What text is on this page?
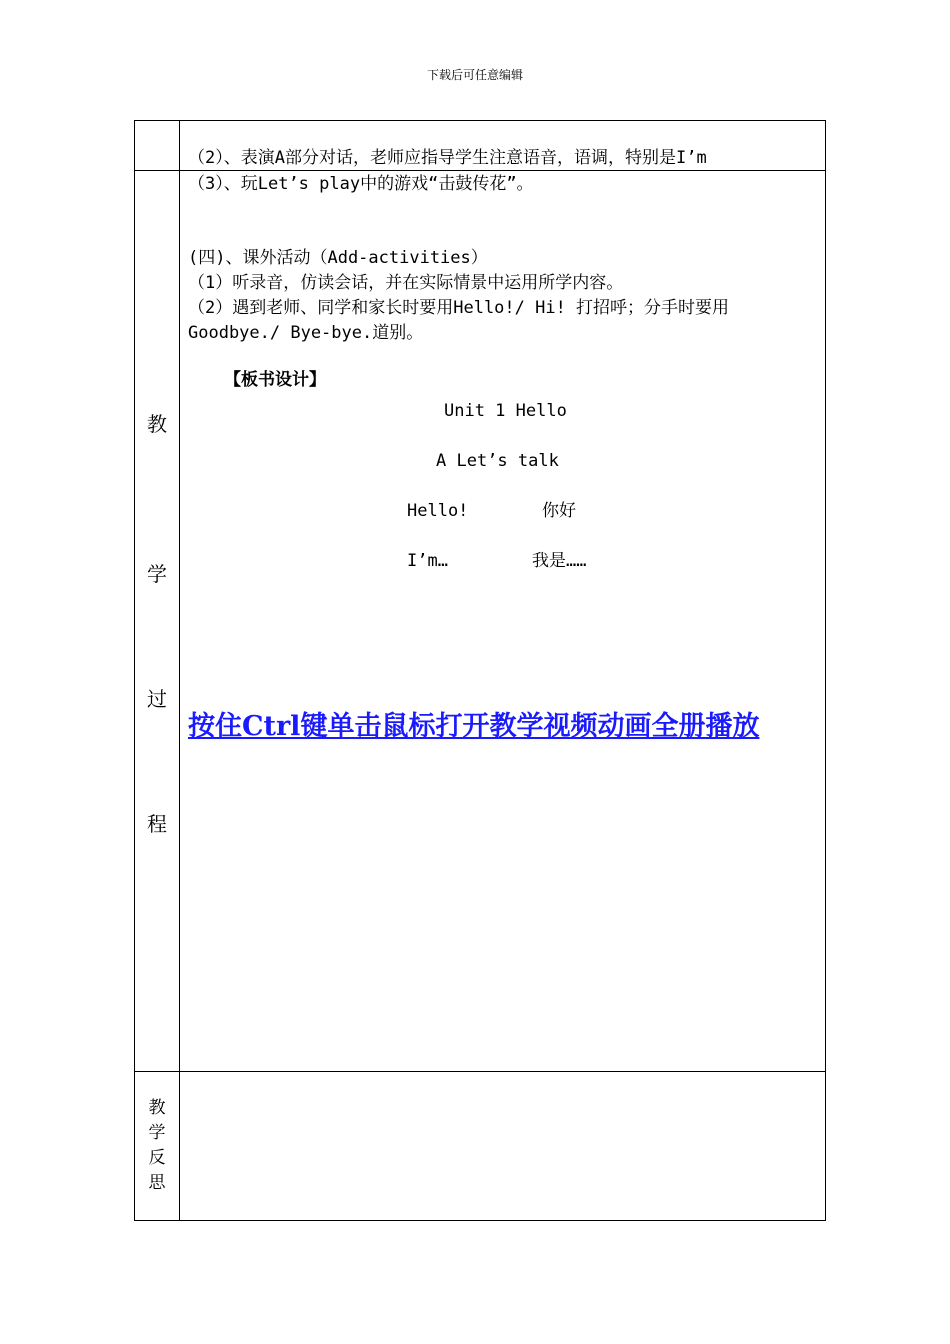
下载后可任意编辑
（2）、表演A部分对话，老师应指导学生注意语音，语调，特别是I’m
教
学
过
程
（3）、玩Let’s play中的游戏“击鼓传花”。
(四)、课外活动（Add-activities）
（1）听录音，仿读会话，并在实际情景中运用所学内容。
（2）遇到老师、同学和家长时要用Hello!/ Hi! 打招呼；分手时要用
Goodbye./ Bye-bye.道别。
【板书设计】
Unit 1 Hello
A Let’s talk
Hello!	你好
I’m…	我是……
按住Ctrl键单击鼠标打开教学视频动画全册播放
教
学
反
思
